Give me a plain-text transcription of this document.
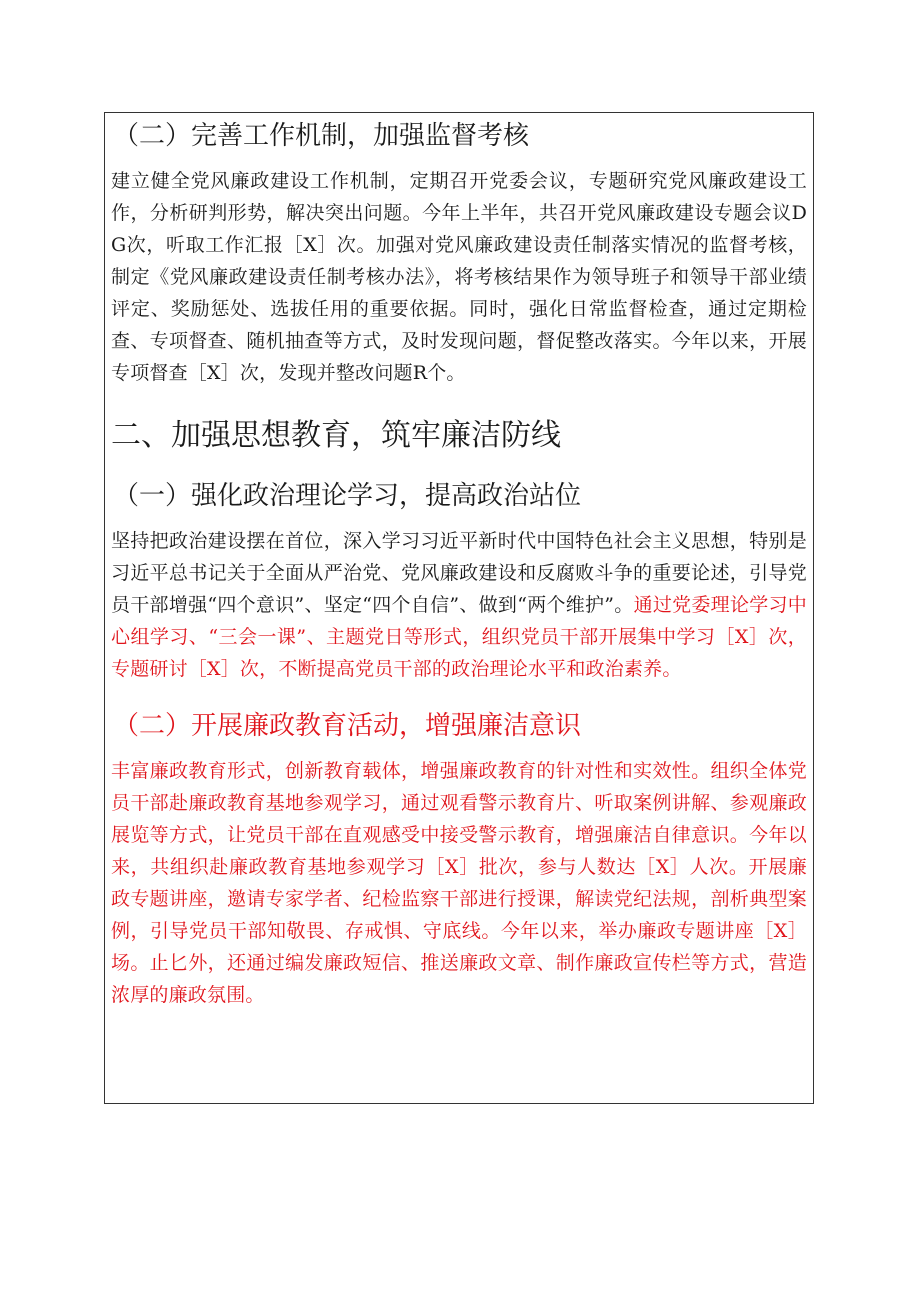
（二）完善工作机制，加强监督考核

建立健全党风廉政建设工作机制，定期召开党委会议，专题研究党风廉政建设工作，分析研判形势，解决突出问题。今年上半年，共召开党风廉政建设专题会议DG次，听取工作汇报［X］次。加强对党风廉政建设责任制落实情况的监督考核，制定《党风廉政建设责任制考核办法》，将考核结果作为领导班子和领导干部业绩评定、奖励惩处、选拔任用的重要依据。同时，强化日常监督检查，通过定期检查、专项督查、随机抽查等方式，及时发现问题，督促整改落实。今年以来，开展专项督查［X］次，发现并整改问题R个。

二、加强思想教育，筑牢廉洁防线
（一）强化政治理论学习，提高政治站位

坚持把政治建设摆在首位，深入学习习近平新时代中国特色社会主义思想，特别是习近平总书记关于全面从严治党、党风廉政建设和反腐败斗争的重要论述，引导党员干部增强“四个意识”、坚定“四个自信”、做到“两个维护”。通过党委理论学习中心组学习、“三会一课”、主题党日等形式，组织党员干部开展集中学习［X］次，专题研讨［X］次，不断提高党员干部的政治理论水平和政治素养。

（二）开展廉政教育活动，增强廉洁意识

丰富廉政教育形式，创新教育载体，增强廉政教育的针对性和实效性。组织全体党员干部赴廉政教育基地参观学习，通过观看警示教育片、听取案例讲解、参观廉政展览等方式，让党员干部在直观感受中接受警示教育，增强廉洁自律意识。今年以来，共组织赴廉政教育基地参观学习［X］批次，参与人数达［X］人次。开展廉政专题讲座，邀请专家学者、纪检监察干部进行授课，解读党纪法规，剖析典型案例，引导党员干部知敬畏、存戒惧、守底线。今年以来，举办廉政专题讲座［X］场。止匕外，还通过编发廉政短信、推送廉政文章、制作廉政宣传栏等方式，营造浓厚的廉政氛围。
